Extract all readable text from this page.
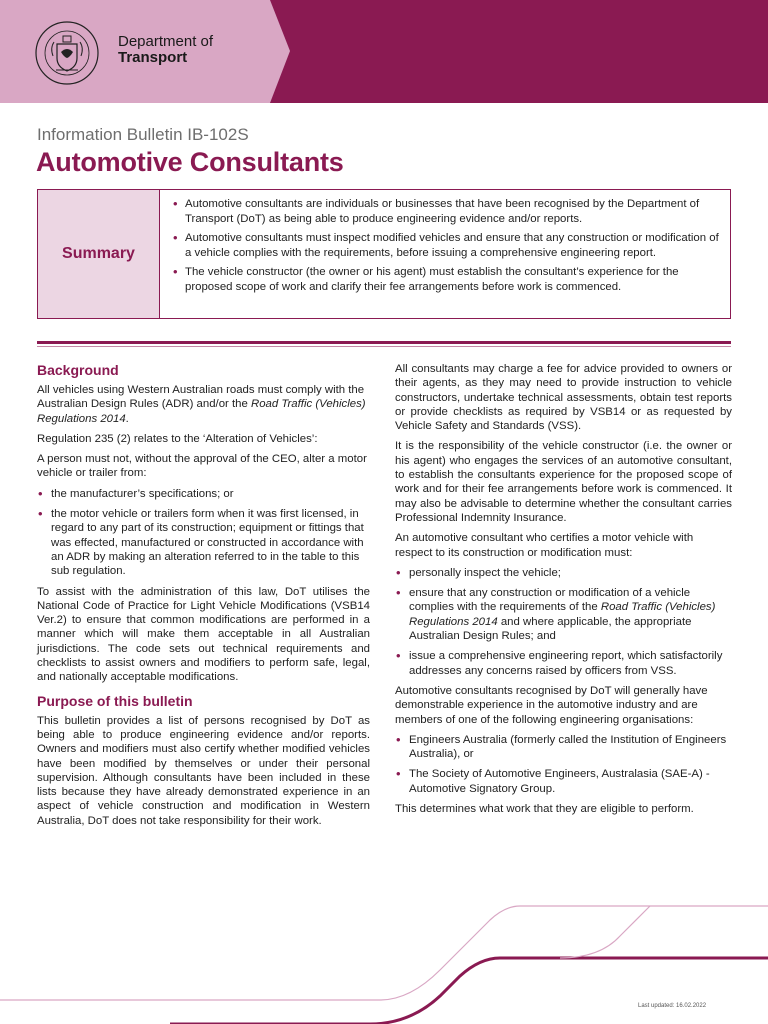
Department of
Transport
Information Bulletin IB-102S
Automotive Consultants
Summary
• Automotive consultants are individuals or businesses that have been recognised by the Department of Transport (DoT) as being able to produce engineering evidence and/or reports.
• Automotive consultants must inspect modified vehicles and ensure that any construction or modification of a vehicle complies with the requirements, before issuing a comprehensive engineering report.
• The vehicle constructor (the owner or his agent) must establish the consultant’s experience for the proposed scope of work and clarify their fee arrangements before work is commenced.
Background

All vehicles using Western Australian roads must comply with the Australian Design Rules (ADR) and/or the Road Traffic (Vehicles) Regulations 2014.

Regulation 235 (2) relates to the ‘Alteration of Vehicles’:

A person must not, without the approval of the CEO, alter a motor vehicle or trailer from:

• the manufacturer’s specifications; or
• the motor vehicle or trailers form when it was first licensed, in regard to any part of its construction; equipment or fittings that was effected, manufactured or constructed in accordance with an ADR by making an alteration referred to in the table to this sub regulation.

To assist with the administration of this law, DoT utilises the National Code of Practice for Light Vehicle Modifications (VSB14 Ver.2) to ensure that common modifications are performed in a manner which will make them acceptable in all Australian jurisdictions. The code sets out technical requirements and checklists to assist owners and modifiers to perform safe, legal, and nationally acceptable modifications.

Purpose of this bulletin

This bulletin provides a list of persons recognised by DoT as being able to produce engineering evidence and/or reports. Owners and modifiers must also certify whether modified vehicles have been modified by themselves or under their personal supervision. Although consultants have been included in these lists because they have already demonstrated experience in an aspect of vehicle construction and modification in Western Australia, DoT does not take responsibility for their work.

All consultants may charge a fee for advice provided to owners or their agents, as they may need to provide instruction to vehicle constructors, undertake technical assessments, obtain test reports or provide checklists as required by VSB14 or as requested by Vehicle Safety and Standards (VSS).

It is the responsibility of the vehicle constructor (i.e. the owner or his agent) who engages the services of an automotive consultant, to establish the consultants experience for the proposed scope of work and for their fee arrangements before work is commenced. It may also be advisable to determine whether the consultant carries Professional Indemnity Insurance.

An automotive consultant who certifies a motor vehicle with respect to its construction or modification must:

• personally inspect the vehicle;
• ensure that any construction or modification of a vehicle complies with the requirements of the Road Traffic (Vehicles) Regulations 2014 and where applicable, the appropriate Australian Design Rules; and
• issue a comprehensive engineering report, which satisfactorily addresses any concerns raised by officers from VSS.

Automotive consultants recognised by DoT will generally have demonstrable experience in the automotive industry and are members of one of the following engineering organisations:

• Engineers Australia (formerly called the Institution of Engineers Australia), or
• The Society of Automotive Engineers, Australasia (SAE-A) - Automotive Signatory Group.

This determines what work that they are eligible to perform.

Last updated: 16.02.2022
